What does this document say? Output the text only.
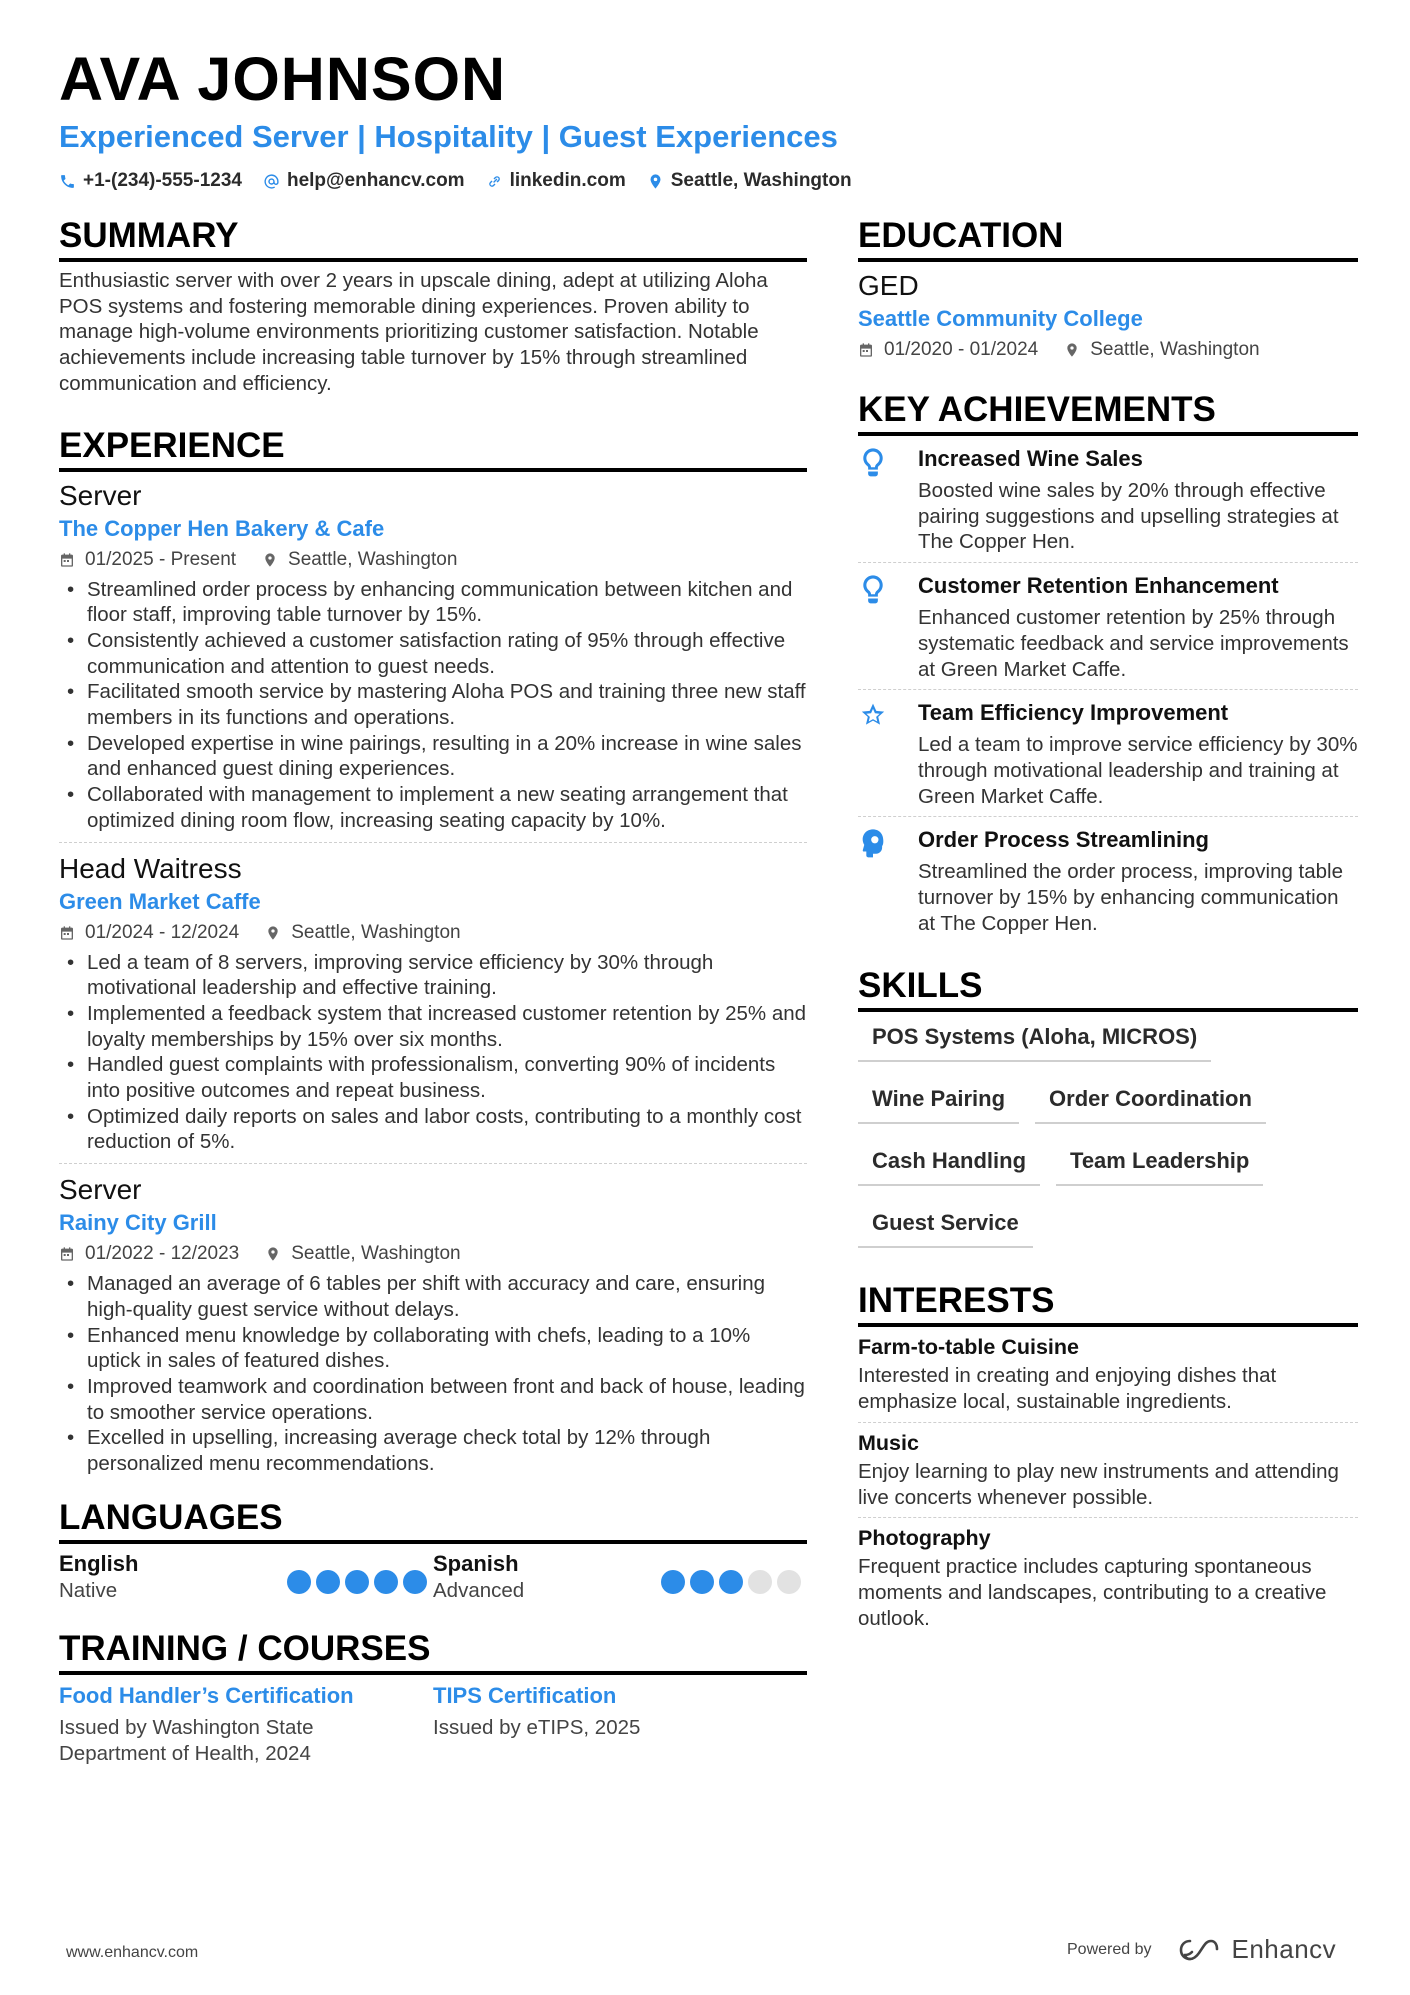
AVA JOHNSON
Experienced Server | Hospitality | Guest Experiences
+1-(234)-555-1234 help@enhancv.com linkedin.com Seattle, Washington
SUMMARY
Enthusiastic server with over 2 years in upscale dining, adept at utilizing Aloha POS systems and fostering memorable dining experiences. Proven ability to manage high-volume environments prioritizing customer satisfaction. Notable achievements include increasing table turnover by 15% through streamlined communication and efficiency.
EXPERIENCE
Server
The Copper Hen Bakery & Cafe
01/2025 - Present	Seattle, Washington
• Streamlined order process by enhancing communication between kitchen and floor staff, improving table turnover by 15%.
• Consistently achieved a customer satisfaction rating of 95% through effective communication and attention to guest needs.
• Facilitated smooth service by mastering Aloha POS and training three new staff members in its functions and operations.
• Developed expertise in wine pairings, resulting in a 20% increase in wine sales and enhanced guest dining experiences.
• Collaborated with management to implement a new seating arrangement that optimized dining room flow, increasing seating capacity by 10%.
Head Waitress
Green Market Caffe
01/2024 - 12/2024	Seattle, Washington
• Led a team of 8 servers, improving service efficiency by 30% through motivational leadership and effective training.
• Implemented a feedback system that increased customer retention by 25% and loyalty memberships by 15% over six months.
• Handled guest complaints with professionalism, converting 90% of incidents into positive outcomes and repeat business.
• Optimized daily reports on sales and labor costs, contributing to a monthly cost reduction of 5%.
Server
Rainy City Grill
01/2022 - 12/2023	Seattle, Washington
• Managed an average of 6 tables per shift with accuracy and care, ensuring high-quality guest service without delays.
• Enhanced menu knowledge by collaborating with chefs, leading to a 10% uptick in sales of featured dishes.
• Improved teamwork and coordination between front and back of house, leading to smoother service operations.
• Excelled in upselling, increasing average check total by 12% through personalized menu recommendations.
LANGUAGES
English
Native
Spanish
Advanced
TRAINING / COURSES
Food Handler’s Certification
Issued by Washington State Department of Health, 2024
TIPS Certification
Issued by eTIPS, 2025
EDUCATION
GED
Seattle Community College
01/2020 - 01/2024	Seattle, Washington
KEY ACHIEVEMENTS
Increased Wine Sales
Boosted wine sales by 20% through effective pairing suggestions and upselling strategies at The Copper Hen.
Customer Retention Enhancement
Enhanced customer retention by 25% through systematic feedback and service improvements at Green Market Caffe.
Team Efficiency Improvement
Led a team to improve service efficiency by 30% through motivational leadership and training at Green Market Caffe.
Order Process Streamlining
Streamlined the order process, improving table turnover by 15% by enhancing communication at The Copper Hen.
SKILLS
POS Systems (Aloha, MICROS)
Wine Pairing	Order Coordination
Cash Handling	Team Leadership
Guest Service
INTERESTS
Farm-to-table Cuisine
Interested in creating and enjoying dishes that emphasize local, sustainable ingredients.
Music
Enjoy learning to play new instruments and attending live concerts whenever possible.
Photography
Frequent practice includes capturing spontaneous moments and landscapes, contributing to a creative outlook.
www.enhancv.com	Powered by	Enhancv
